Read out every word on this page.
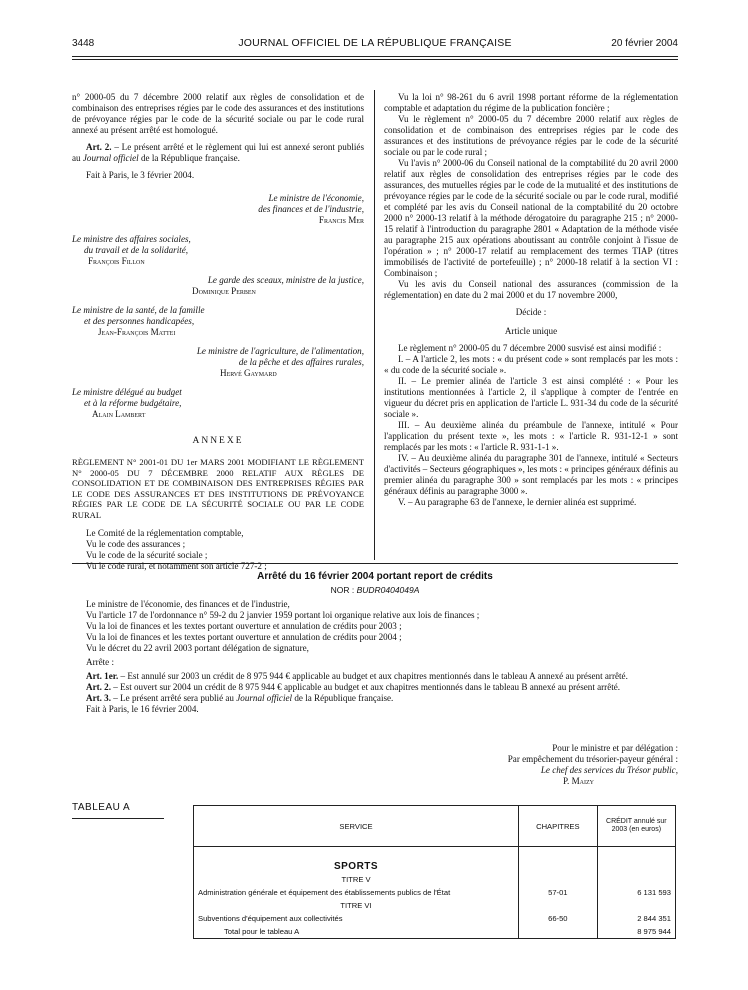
3448	JOURNAL OFFICIEL DE LA RÉPUBLIQUE FRANÇAISE	20 février 2004

n° 2000-05 du 7 décembre 2000 relatif aux règles de consolidation et de combinaison des entreprises régies par le code des assurances et des institutions de prévoyance régies par le code de la sécurité sociale ou par le code rural annexé au présent arrêté est homologué.

Art. 2. – Le présent arrêté et le règlement qui lui est annexé seront publiés au Journal officiel de la République française.

Fait à Paris, le 3 février 2004.

Le ministre de l'économie,

des finances et de l'industrie,

Francis Mer

Le ministre des affaires sociales,

du travail et de la solidarité,

François Fillon

Le garde des sceaux, ministre de la justice,

Dominique Perben

Le ministre de la santé, de la famille

et des personnes handicapées,

Jean-François Mattei

Le ministre de l'agriculture, de l'alimentation,

de la pêche et des affaires rurales,

Hervé Gaymard

Le ministre délégué au budget

et à la réforme budgétaire,

Alain Lambert

ANNEXE

RÈGLEMENT N° 2001-01 DU 1er MARS 2001 MODIFIANT LE RÈGLEMENT N° 2000-05 DU 7 DÉCEMBRE 2000 RELATIF AUX RÈGLES DE CONSOLIDATION ET DE COMBINAISON DES ENTREPRISES RÉGIES PAR LE CODE DES ASSURANCES ET DES INSTITUTIONS DE PRÉVOYANCE RÉGIES PAR LE CODE DE LA SÉCURITÉ SOCIALE OU PAR LE CODE RURAL

Le Comité de la réglementation comptable,

Vu le code des assurances ;

Vu le code de la sécurité sociale ;

Vu le code rural, et notamment son article 727-2 ;

Vu la loi n° 98-261 du 6 avril 1998 portant réforme de la réglementation comptable et adaptation du régime de la publication foncière ;

Vu le règlement n° 2000-05 du 7 décembre 2000 relatif aux règles de consolidation et de combinaison des entreprises régies par le code des assurances et des institutions de prévoyance régies par le code de la sécurité sociale ou par le code rural ;

Vu l'avis n° 2000-06 du Conseil national de la comptabilité du 20 avril 2000 relatif aux règles de consolidation des entreprises régies par le code des assurances, des mutuelles régies par le code de la mutualité et des institutions de prévoyance régies par le code de la sécurité sociale ou par le code rural, modifié et complété par les avis du Conseil national de la comptabilité du 20 octobre 2000 n° 2000-13 relatif à la méthode dérogatoire du paragraphe 215 ; n° 2000-15 relatif à l'introduction du paragraphe 2801 « Adaptation de la méthode visée au paragraphe 215 aux opérations aboutissant au contrôle conjoint à l'issue de l'opération » ; n° 2000-17 relatif au remplacement des termes TIAP (titres immobilisés de l'activité de portefeuille) ; n° 2000-18 relatif à la section VI : Combinaison ;

Vu les avis du Conseil national des assurances (commission de la réglementation) en date du 2 mai 2000 et du 17 novembre 2000,

Décide :

Article unique

Le règlement n° 2000-05 du 7 décembre 2000 susvisé est ainsi modifié :

I. – A l'article 2, les mots : « du présent code » sont remplacés par les mots : « du code de la sécurité sociale ».

II. – Le premier alinéa de l'article 3 est ainsi complété : « Pour les institutions mentionnées à l'article 2, il s'applique à compter de l'entrée en vigueur du décret pris en application de l'article L. 931-34 du code de la sécurité sociale ».

III. – Au deuxième alinéa du préambule de l'annexe, intitulé « Pour l'application du présent texte », les mots : « l'article R. 931-12-1 » sont remplacés par les mots : « l'article R. 931-1-1 ».

IV. – Au deuxième alinéa du paragraphe 301 de l'annexe, intitulé « Secteurs d'activités – Secteurs géographiques », les mots : « principes généraux définis au premier alinéa du paragraphe 300 » sont remplacés par les mots : « principes généraux définis au paragraphe 3000 ».

V. – Au paragraphe 63 de l'annexe, le dernier alinéa est supprimé.

Arrêté du 16 février 2004 portant report de crédits
NOR : BUDR0404049A

Le ministre de l'économie, des finances et de l'industrie,

Vu l'article 17 de l'ordonnance n° 59-2 du 2 janvier 1959 portant loi organique relative aux lois de finances ;

Vu la loi de finances et les textes portant ouverture et annulation de crédits pour 2003 ;

Vu la loi de finances et les textes portant ouverture et annulation de crédits pour 2004 ;

Vu le décret du 22 avril 2003 portant délégation de signature,

Arrête :

Art. 1er. – Est annulé sur 2003 un crédit de 8 975 944 € applicable au budget et aux chapitres mentionnés dans le tableau A annexé au présent arrêté.

Art. 2. – Est ouvert sur 2004 un crédit de 8 975 944 € applicable au budget et aux chapitres mentionnés dans le tableau B annexé au présent arrêté.

Art. 3. – Le présent arrêté sera publié au Journal officiel de la République française.

Fait à Paris, le 16 février 2004.

Pour le ministre et par délégation :

Par empêchement du trésorier-payeur général :

Le chef des services du Trésor public,

P. Maizy

TABLEAU A
SERVICE	CHAPITRES	CRÉDIT annulé sur 2003 (en euros)

SPORTS		
TITRE V		
Administration générale et équipement des établissements publics de l'État	57-01	6 131 593
TITRE VI		
Subventions d'équipement aux collectivités	66-50	2 844 351
Total pour le tableau A		8 975 944
